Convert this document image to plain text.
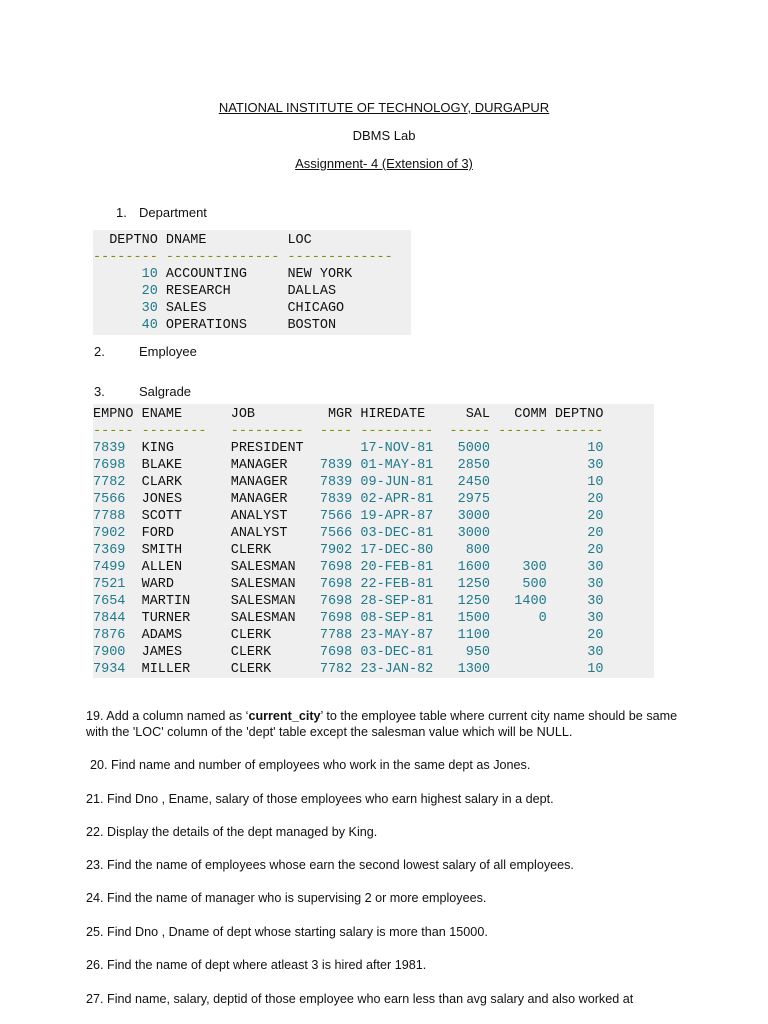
NATIONAL INSTITUTE OF TECHNOLOGY, DURGAPUR
DBMS Lab
Assignment- 4 (Extension of 3)
1. Department
DEPTNO DNAME          LOC
-------- -------------- -------------
10 ACCOUNTING     NEW YORK
20 RESEARCH       DALLAS
30 SALES          CHICAGO
40 OPERATIONS     BOSTON
2.	Employee
3.	Salgrade
EMPNO ENAME      JOB         MGR HIREDATE     SAL   COMM DEPTNO
----- --------   ---------  ---- ---------  ----- ------ ------
7839  KING       PRESIDENT	17-NOV-81   5000	10
7698  BLAKE      MANAGER    7839 01-MAY-81   2850	30
7782  CLARK      MANAGER    7839 09-JUN-81   2450	10
7566  JONES      MANAGER    7839 02-APR-81   2975	20
7788  SCOTT      ANALYST    7566 19-APR-87   3000	20
7902  FORD       ANALYST    7566 03-DEC-81   3000	20
7369  SMITH      CLERK      7902 17-DEC-80    800	20
7499  ALLEN      SALESMAN   7698 20-FEB-81   1600    300     30
7521  WARD       SALESMAN   7698 22-FEB-81   1250    500     30
7654  MARTIN     SALESMAN   7698 28-SEP-81   1250   1400     30
7844  TURNER     SALESMAN   7698 08-SEP-81   1500      0     30
7876  ADAMS      CLERK      7788 23-MAY-87   1100	20
7900  JAMES      CLERK      7698 03-DEC-81    950	30
7934  MILLER     CLERK      7782 23-JAN-82   1300	10
19. Add a column named as ‘current_city’ to the employee table where current city name should be same with the 'LOC' column of the 'dept' table except the salesman value which will be NULL.
20. Find name and number of employees who work in the same dept as Jones.
21. Find Dno , Ename, salary of those employees who earn highest salary in a dept.
22. Display the details of the dept managed by King.
23. Find the name of employees whose earn the second lowest salary of all employees.
24. Find the name of manager who is supervising 2 or more employees.
25. Find Dno , Dname of dept whose starting salary is more than 15000.
26. Find the name of dept where atleast 3 is hired after 1981.
27. Find name, salary, deptid of those employee who earn less than avg salary and also worked at
